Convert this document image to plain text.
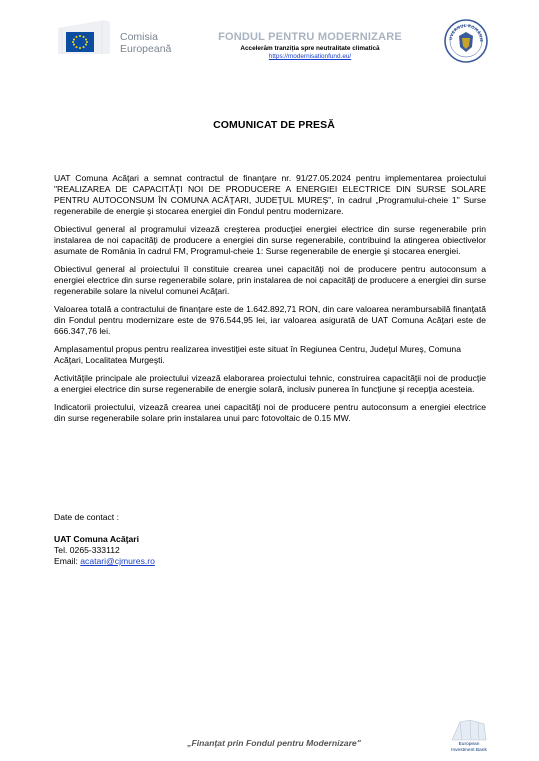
Comisia
Europeană
FONDUL PENTRU MODERNIZARE
Accelerăm tranziția spre neutralitate climatică
https://modernisationfund.eu/
UVERNUL ROMÂNIE
COMUNICAT DE PRESĂ

UAT Comuna Acăţari a semnat contractul de finanţare nr. 91/27.05.2024 pentru implementarea proiectului "REALIZAREA DE CAPACITĂŢI NOI DE PRODUCERE A ENERGIEI ELECTRICE DIN SURSE SOLARE PENTRU AUTOCONSUM ÎN COMUNA ACĂŢARI, JUDEŢUL MUREŞ", în cadrul „Programului-cheie 1" Surse regenerabile de energie şi stocarea energiei din Fondul pentru modernizare.

Obiectivul general al programului vizează creşterea producţiei energiei electrice din surse regenerabile prin instalarea de noi capacităţi de producere a energiei din surse regenerabile, contribuind la atingerea obiectivelor asumate de România în cadrul FM, Programul-cheie 1: Surse regenerabile de energie şi stocarea energiei.

Obiectivul general al proiectului îl constituie crearea unei capacităţi noi de producere pentru autoconsum a energiei electrice din surse regenerabile solare, prin instalarea de noi capacităţi de producere a energiei din surse regenerabile solare la nivelul comunei Acăţari.

Valoarea totală a contractului de finanţare este de 1.642.892,71 RON, din care valoarea nerambursabilă finanţată din Fondul pentru modernizare este de 976.544,95 lei, iar valoarea asigurată de UAT Comuna Acăţari este de 666.347,76 lei.

Amplasamentul propus pentru realizarea investiţiei este situat în Regiunea Centru, Judeţul Mureş, Comuna Acăţari, Localitatea Murgeşti.

Activităţile principale ale proiectului vizează elaborarea proiectului tehnic, construirea capacităţii noi de producţie a energiei electrice din surse regenerabile de energie solară, inclusiv punerea în funcţiune şi recepţia acesteia.

Indicatorii proiectului, vizează crearea unei capacităţi noi de producere pentru autoconsum a energiei electrice din surse regenerabile solare prin instalarea unui parc fotovoltaic de 0.15 MW.

Date de contact :
UAT Comuna Acăţari
Tel. 0265-333112
Email: acatari@cjmures.ro
„Finanţat prin Fondul pentru Modernizare"	European
Investment Bank
